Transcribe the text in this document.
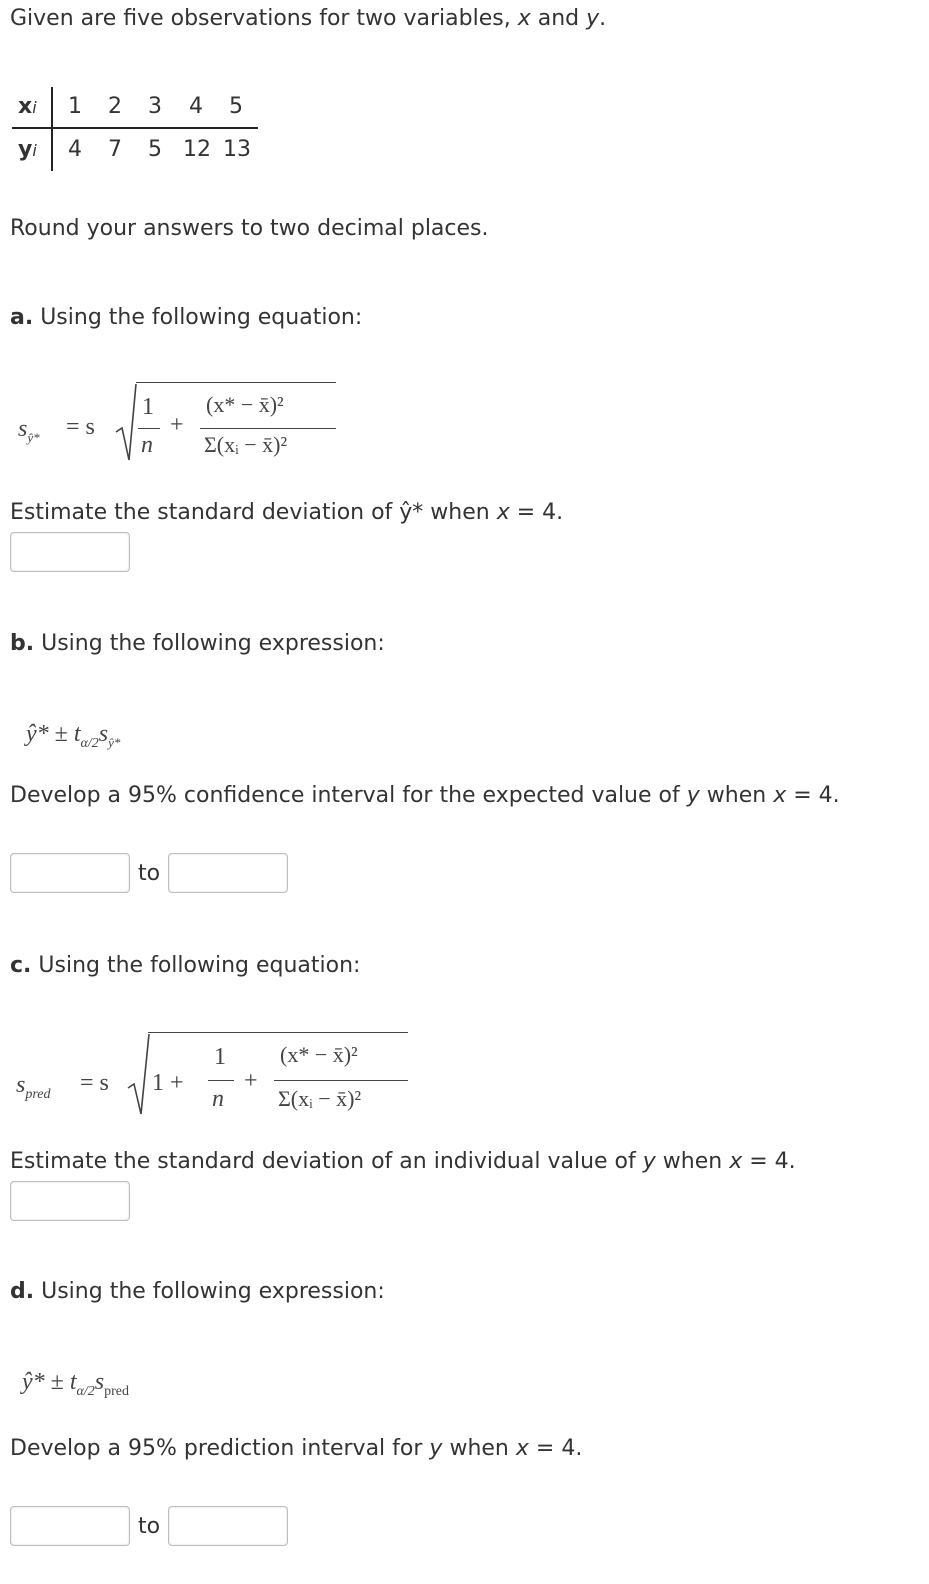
Given are five observations for two variables, x and y.
xi
yi
1 2 3 4 5
4 7 5 12 13
Round your answers to two decimal places.
a. Using the following equation:
$s_{ŷ*} = s$
1
n
+
(x* − x̄)²
Σ(xᵢ − x̄)²
Estimate the standard deviation of ŷ* when x = 4.
b. Using the following expression:
ŷ* ± $t_{\alpha/2}s_{ŷ*}$
Develop a 95% confidence interval for the expected value of y when x = 4.
to
c. Using the following equation:
$s_{pred} = s$ 1 +
1
n
+
(x* − x̄)²
Σ(xᵢ − x̄)²
Estimate the standard deviation of an individual value of y when x = 4.
d. Using the following expression:
ŷ* ± $t_{\alpha/2}s_{pred}$
Develop a 95% prediction interval for y when x = 4.
to
